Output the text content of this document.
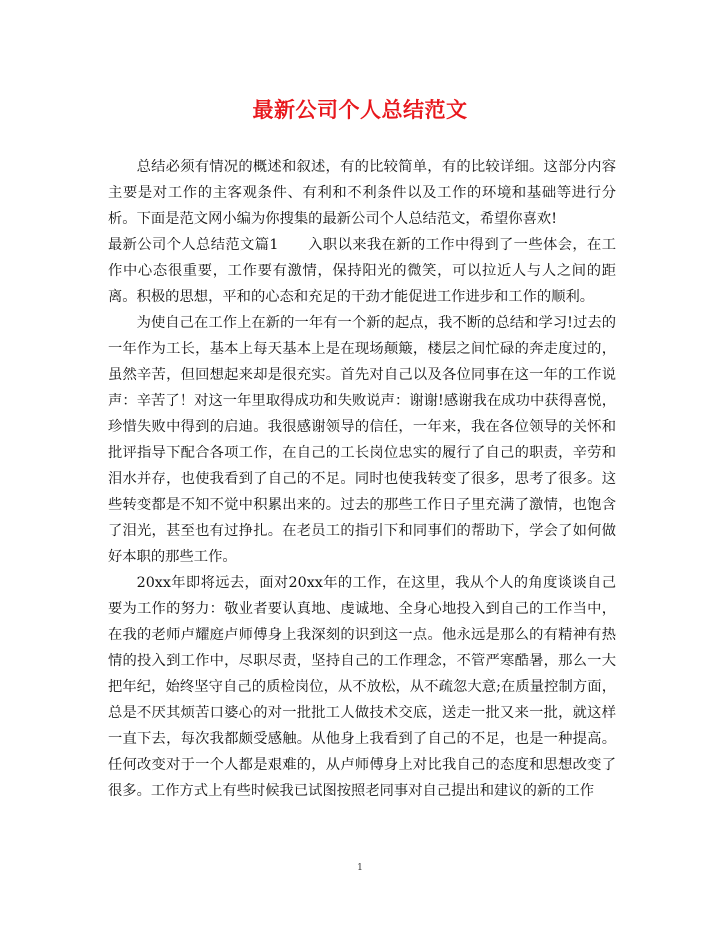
最新公司个人总结范文

总结必须有情况的概述和叙述，有的比较简单，有的比较详细。这部分内容主要是对工作的主客观条件、有利和不利条件以及工作的环境和基础等进行分析。下面是范文网小编为你搜集的最新公司个人总结范文，希望你喜欢!

最新公司个人总结范文篇1　　入职以来我在新的工作中得到了一些体会，在工作中心态很重要，工作要有激情，保持阳光的微笑，可以拉近人与人之间的距离。积极的思想，平和的心态和充足的干劲才能促进工作进步和工作的顺利。

为使自己在工作上在新的一年有一个新的起点，我不断的总结和学习!过去的一年作为工长，基本上每天基本上是在现场颠簸，楼层之间忙碌的奔走度过的，虽然辛苦，但回想起来却是很充实。首先对自己以及各位同事在这一年的工作说声：辛苦了！对这一年里取得成功和失败说声：谢谢!感谢我在成功中获得喜悦，珍惜失败中得到的启迪。我很感谢领导的信任，一年来，我在各位领导的关怀和批评指导下配合各项工作，在自己的工长岗位忠实的履行了自己的职责，辛劳和泪水并存，也使我看到了自己的不足。同时也使我转变了很多，思考了很多。这些转变都是不知不觉中积累出来的。过去的那些工作日子里充满了激情，也饱含了泪光，甚至也有过挣扎。在老员工的指引下和同事们的帮助下，学会了如何做好本职的那些工作。

20xx年即将远去，面对20xx年的工作，在这里，我从个人的角度谈谈自己要为工作的努力：敬业者要认真地、虔诚地、全身心地投入到自己的工作当中，在我的老师卢耀庭卢师傅身上我深刻的识到这一点。他永远是那么的有精神有热情的投入到工作中，尽职尽责，坚持自己的工作理念，不管严寒酷暑，那么一大把年纪，始终坚守自己的质检岗位，从不放松，从不疏忽大意;在质量控制方面，总是不厌其烦苦口婆心的对一批批工人做技术交底，送走一批又来一批，就这样一直下去，每次我都颇受感触。从他身上我看到了自己的不足，也是一种提高。任何改变对于一个人都是艰难的，从卢师傅身上对比我自己的态度和思想改变了很多。工作方式上有些时候我已试图按照老同事对自己提出和建议的新的工作

1
